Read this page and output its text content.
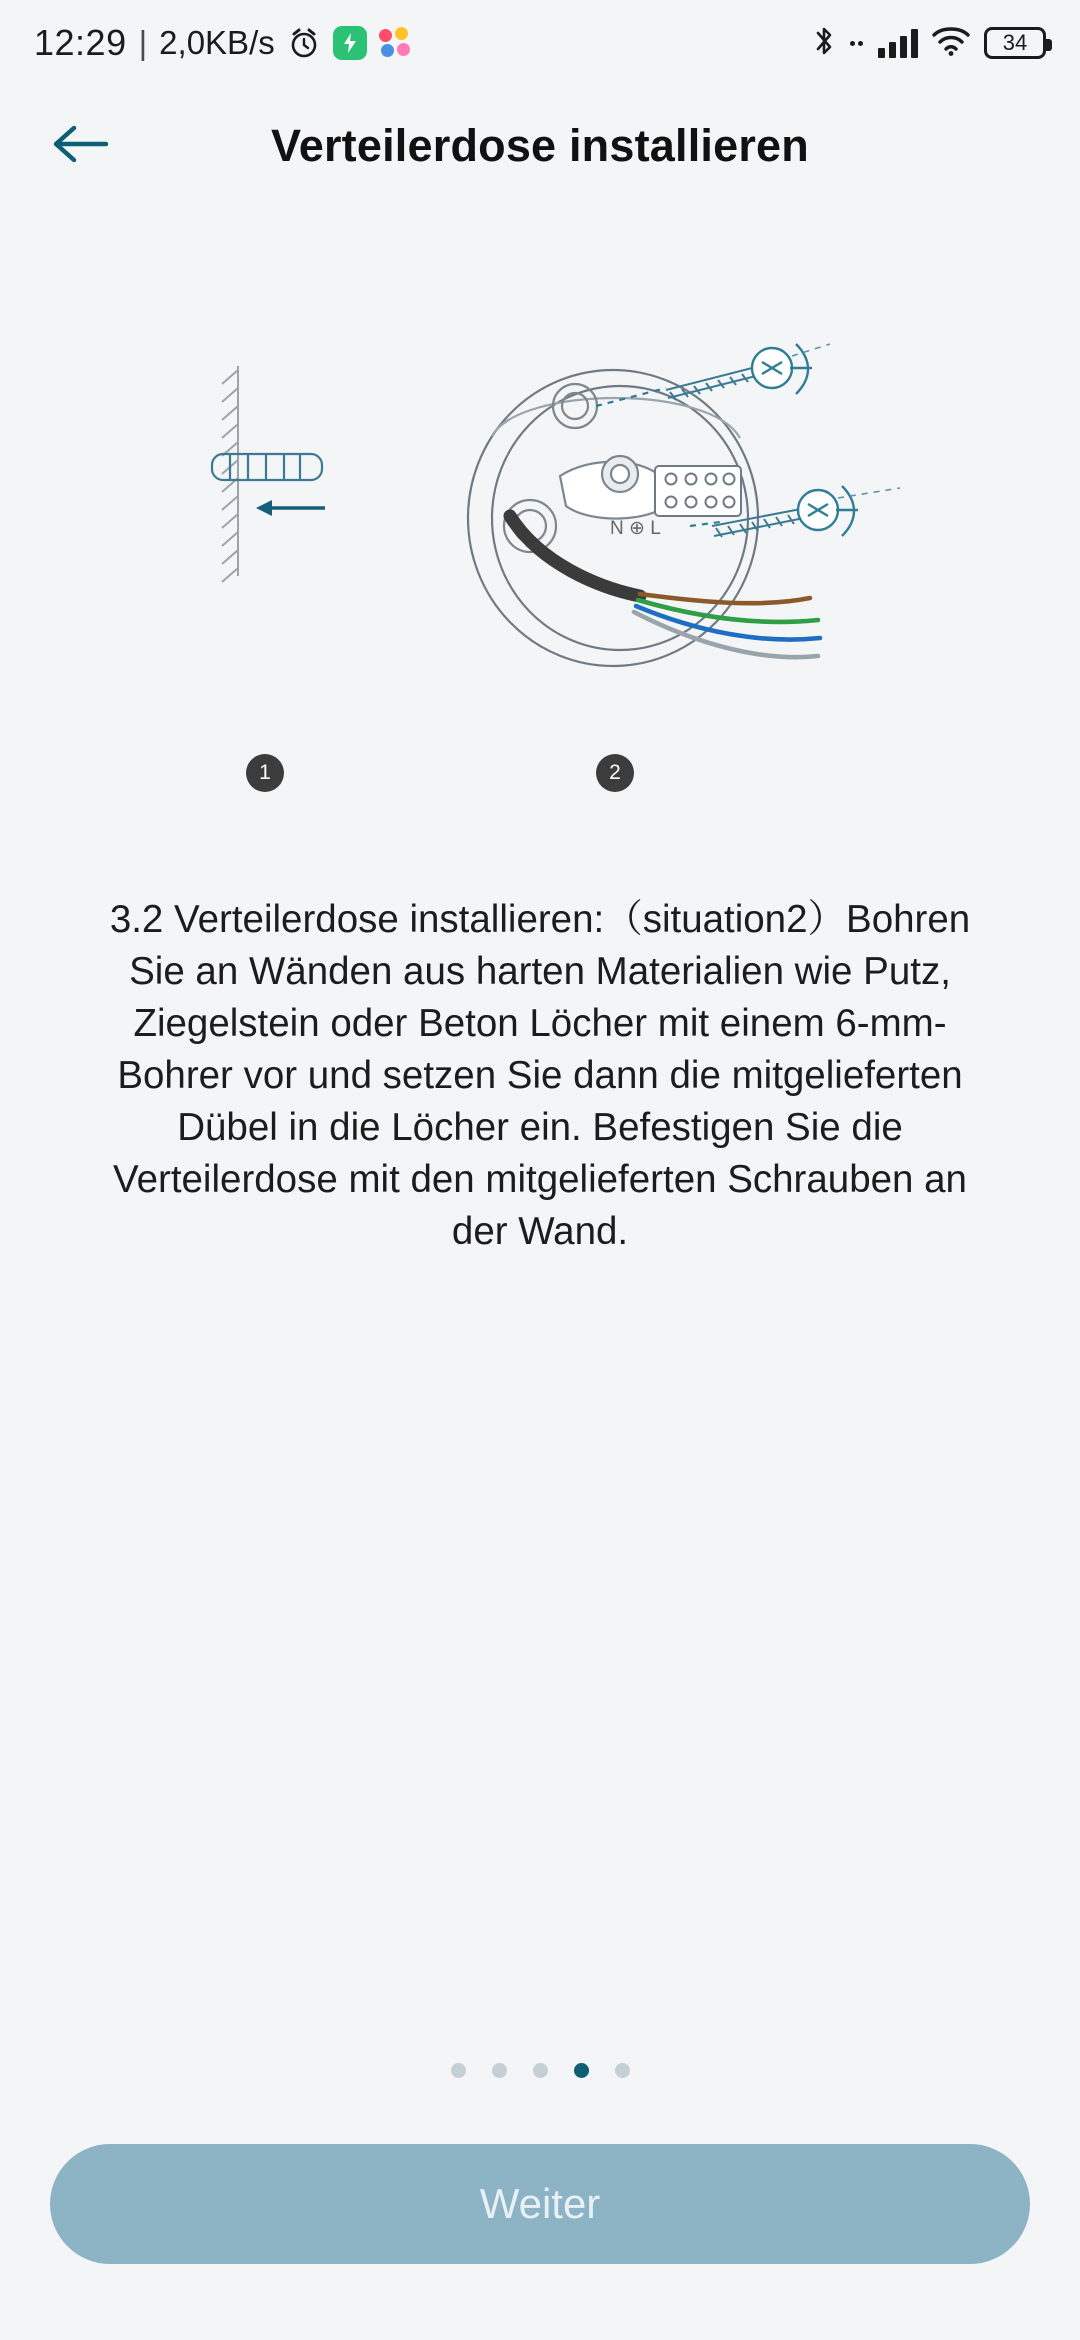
12:29 | 2,0KB/s	34
Verteilerdose installieren
N ⊕ L
1	2

3.2 Verteilerdose installieren:（situation2）Bohren Sie an Wänden aus harten Materialien wie Putz, Ziegelstein oder Beton Löcher mit einem 6-mm-Bohrer vor und setzen Sie dann die mitgelieferten Dübel in die Löcher ein. Befestigen Sie die Verteilerdose mit den mitgelieferten Schrauben an der Wand.

Weiter
